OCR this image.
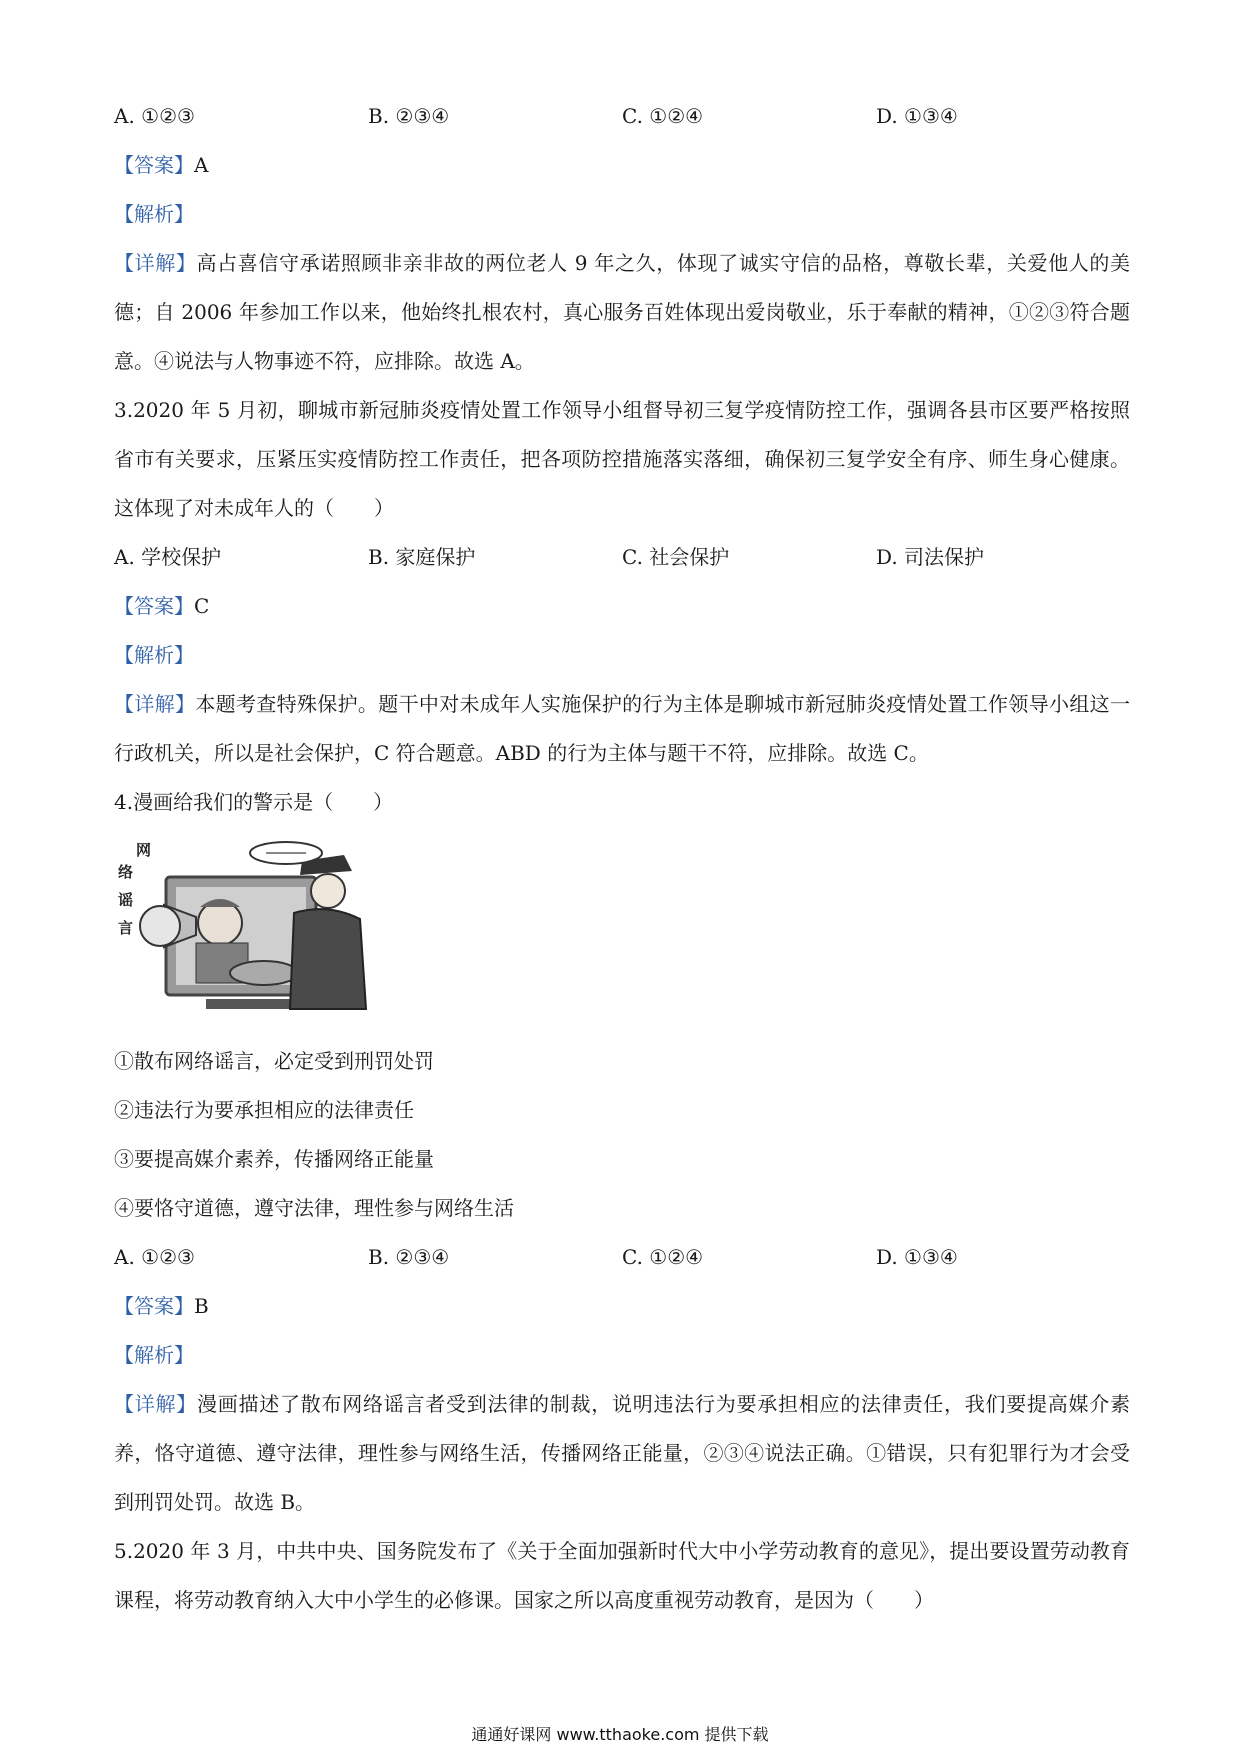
A. ①②③	B. ②③④	C. ①②④	D. ①③④
【答案】A
【解析】
【详解】高占喜信守承诺照顾非亲非故的两位老人 9 年之久，体现了诚实守信的品格，尊敬长辈，关爱他人的美德；自 2006 年参加工作以来，他始终扎根农村，真心服务百姓体现出爱岗敬业，乐于奉献的精神，①②③符合题意。④说法与人物事迹不符，应排除。故选 A。
3.2020 年 5 月初，聊城市新冠肺炎疫情处置工作领导小组督导初三复学疫情防控工作，强调各县市区要严格按照省市有关要求，压紧压实疫情防控工作责任，把各项防控措施落实落细，确保初三复学安全有序、师生身心健康。这体现了对未成年人的（　　）
A. 学校保护	B. 家庭保护	C. 社会保护	D. 司法保护
【答案】C
【解析】
【详解】本题考查特殊保护。题干中对未成年人实施保护的行为主体是聊城市新冠肺炎疫情处置工作领导小组这一行政机关，所以是社会保护，C 符合题意。ABD 的行为主体与题干不符，应排除。故选 C。
4.漫画给我们的警示是（　　）
网 络 谣 言
①散布网络谣言，必定受到刑罚处罚
②违法行为要承担相应的法律责任
③要提高媒介素养，传播网络正能量
④要恪守道德，遵守法律，理性参与网络生活
A. ①②③	B. ②③④	C. ①②④	D. ①③④
【答案】B
【解析】
【详解】漫画描述了散布网络谣言者受到法律的制裁，说明违法行为要承担相应的法律责任，我们要提高媒介素养，恪守道德、遵守法律，理性参与网络生活，传播网络正能量，②③④说法正确。①错误，只有犯罪行为才会受到刑罚处罚。故选 B。
5.2020 年 3 月，中共中央、国务院发布了《关于全面加强新时代大中小学劳动教育的意见》，提出要设置劳动教育课程，将劳动教育纳入大中小学生的必修课。国家之所以高度重视劳动教育，是因为（　　）
通通好课网 www.tthaoke.com 提供下载
